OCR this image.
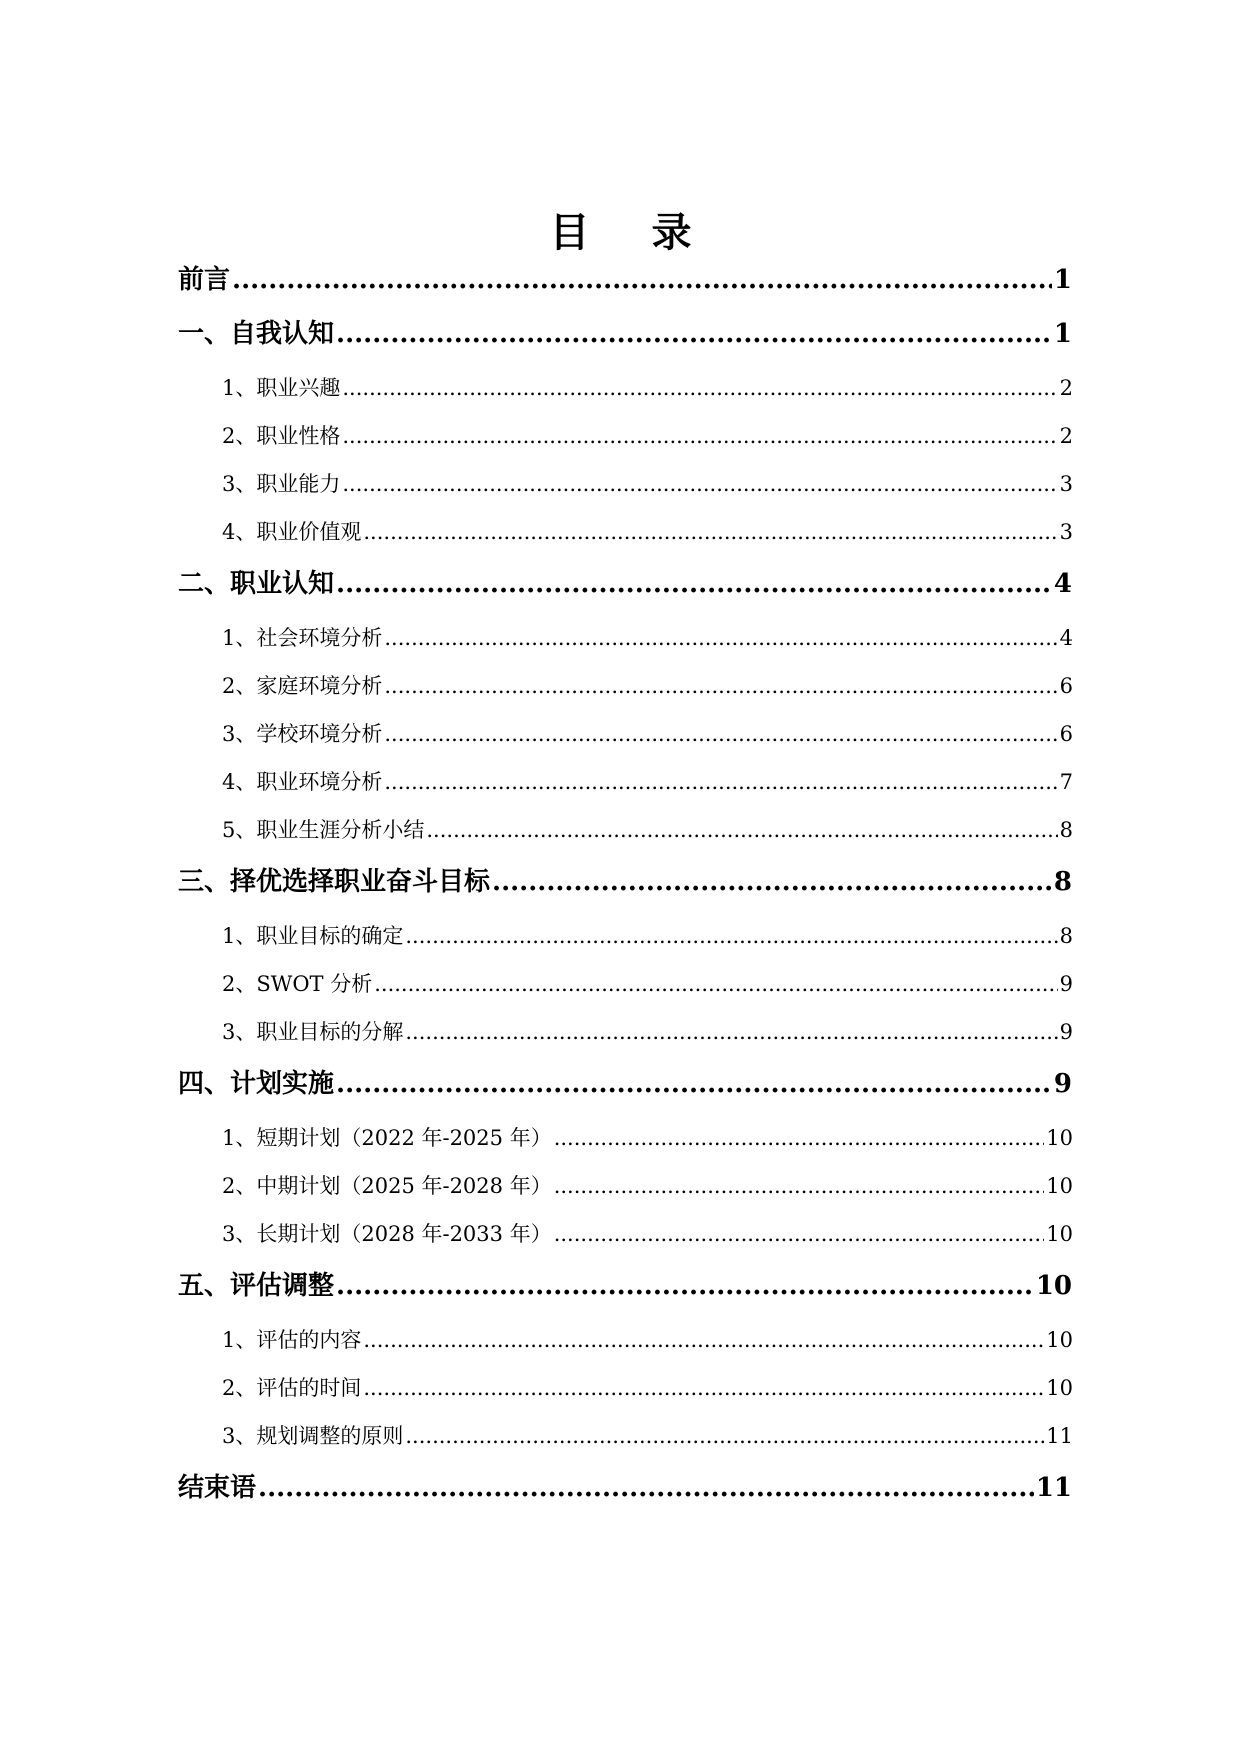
目 录
前言 .....	1
一、自我认知 .....	1
1、职业兴趣 .....	2
2、职业性格 .....	2
3、职业能力 .....	3
4、职业价值观 .....	3
二、职业认知 .....	4
1、社会环境分析 .....	4
2、家庭环境分析 .....	6
3、学校环境分析 .....	6
4、职业环境分析 .....	7
5、职业生涯分析小结 .....	8
三、择优选择职业奋斗目标 .....	8
1、职业目标的确定 .....	8
2、SWOT 分析 .....	9
3、职业目标的分解 .....	9
四、计划实施 .....	9
1、短期计划（2022 年-2025 年） .....	10
2、中期计划（2025 年-2028 年） .....	10
3、长期计划（2028 年-2033 年） .....	10
五、评估调整 .....	10
1、评估的内容 .....	10
2、评估的时间 .....	10
3、规划调整的原则 .....	11
结束语 .....	11
